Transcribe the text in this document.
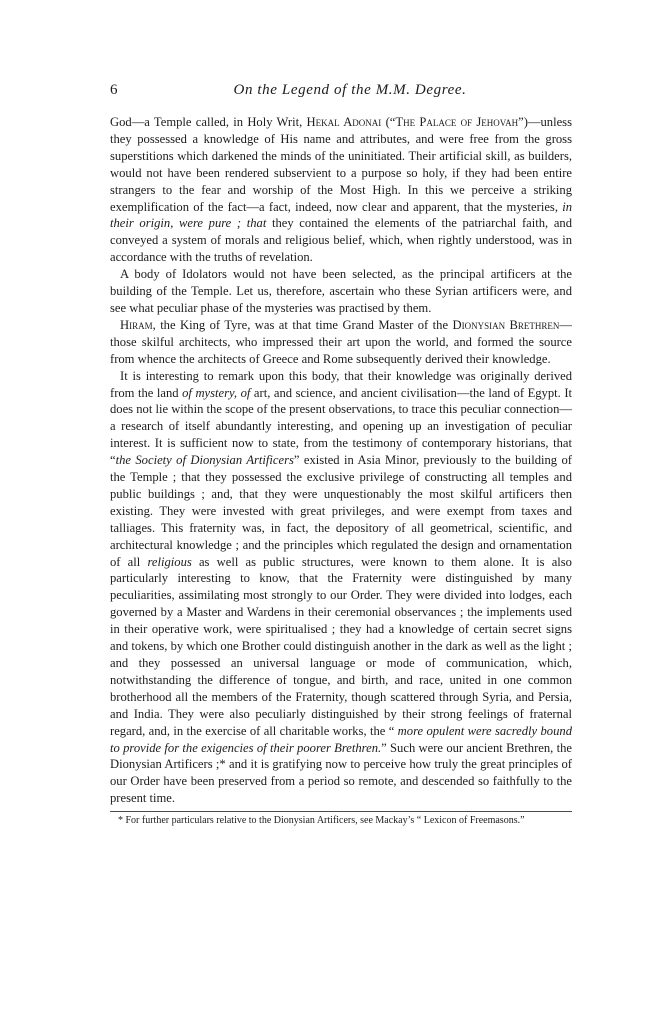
6	On the Legend of the M.M. Degree.

God—a Temple called, in Holy Writ, Hekal Adonai (“The Palace of Jehovah”)—unless they possessed a knowledge of His name and attributes, and were free from the gross superstitions which darkened the minds of the uninitiated. Their artificial skill, as builders, would not have been rendered subservient to a purpose so holy, if they had been entire strangers to the fear and worship of the Most High. In this we perceive a striking exemplification of the fact—a fact, indeed, now clear and apparent, that the mysteries, in their origin, were pure ; that they contained the elements of the patriarchal faith, and conveyed a system of morals and religious belief, which, when rightly understood, was in accordance with the truths of revelation.

A body of Idolators would not have been selected, as the principal artificers at the building of the Temple. Let us, therefore, ascertain who these Syrian artificers were, and see what peculiar phase of the mysteries was practised by them.

Hiram, the King of Tyre, was at that time Grand Master of the Dionysian Brethren—those skilful architects, who impressed their art upon the world, and formed the source from whence the architects of Greece and Rome subsequently derived their knowledge.

It is interesting to remark upon this body, that their knowledge was originally derived from the land of mystery, of art, and science, and ancient civilisation—the land of Egypt. It does not lie within the scope of the present observations, to trace this peculiar connection—a research of itself abundantly interesting, and opening up an investigation of peculiar interest. It is sufficient now to state, from the testimony of contemporary historians, that “the Society of Dionysian Artificers” existed in Asia Minor, previously to the building of the Temple ; that they possessed the exclusive privilege of constructing all temples and public buildings ; and, that they were unquestionably the most skilful artificers then existing. They were invested with great privileges, and were exempt from taxes and talliages. This fraternity was, in fact, the depository of all geometrical, scientific, and architectural knowledge ; and the principles which regulated the design and ornamentation of all religious as well as public structures, were known to them alone. It is also particularly interesting to know, that the Fraternity were distinguished by many peculiarities, assimilating most strongly to our Order. They were divided into lodges, each governed by a Master and Wardens in their ceremonial observances ; the implements used in their operative work, were spiritualised ; they had a knowledge of certain secret signs and tokens, by which one Brother could distinguish another in the dark as well as the light ; and they possessed an universal language or mode of communication, which, notwithstanding the difference of tongue, and birth, and race, united in one common brotherhood all the members of the Fraternity, though scattered through Syria, and Persia, and India. They were also peculiarly distinguished by their strong feelings of fraternal regard, and, in the exercise of all charitable works, the “ more opulent were sacredly bound to provide for the exigencies of their poorer Brethren.” Such were our ancient Brethren, the Dionysian Artificers ;* and it is gratifying now to perceive how truly the great principles of our Order have been preserved from a period so remote, and descended so faithfully to the present time.

* For further particulars relative to the Dionysian Artificers, see Mackay’s “ Lexicon of Freemasons.”
